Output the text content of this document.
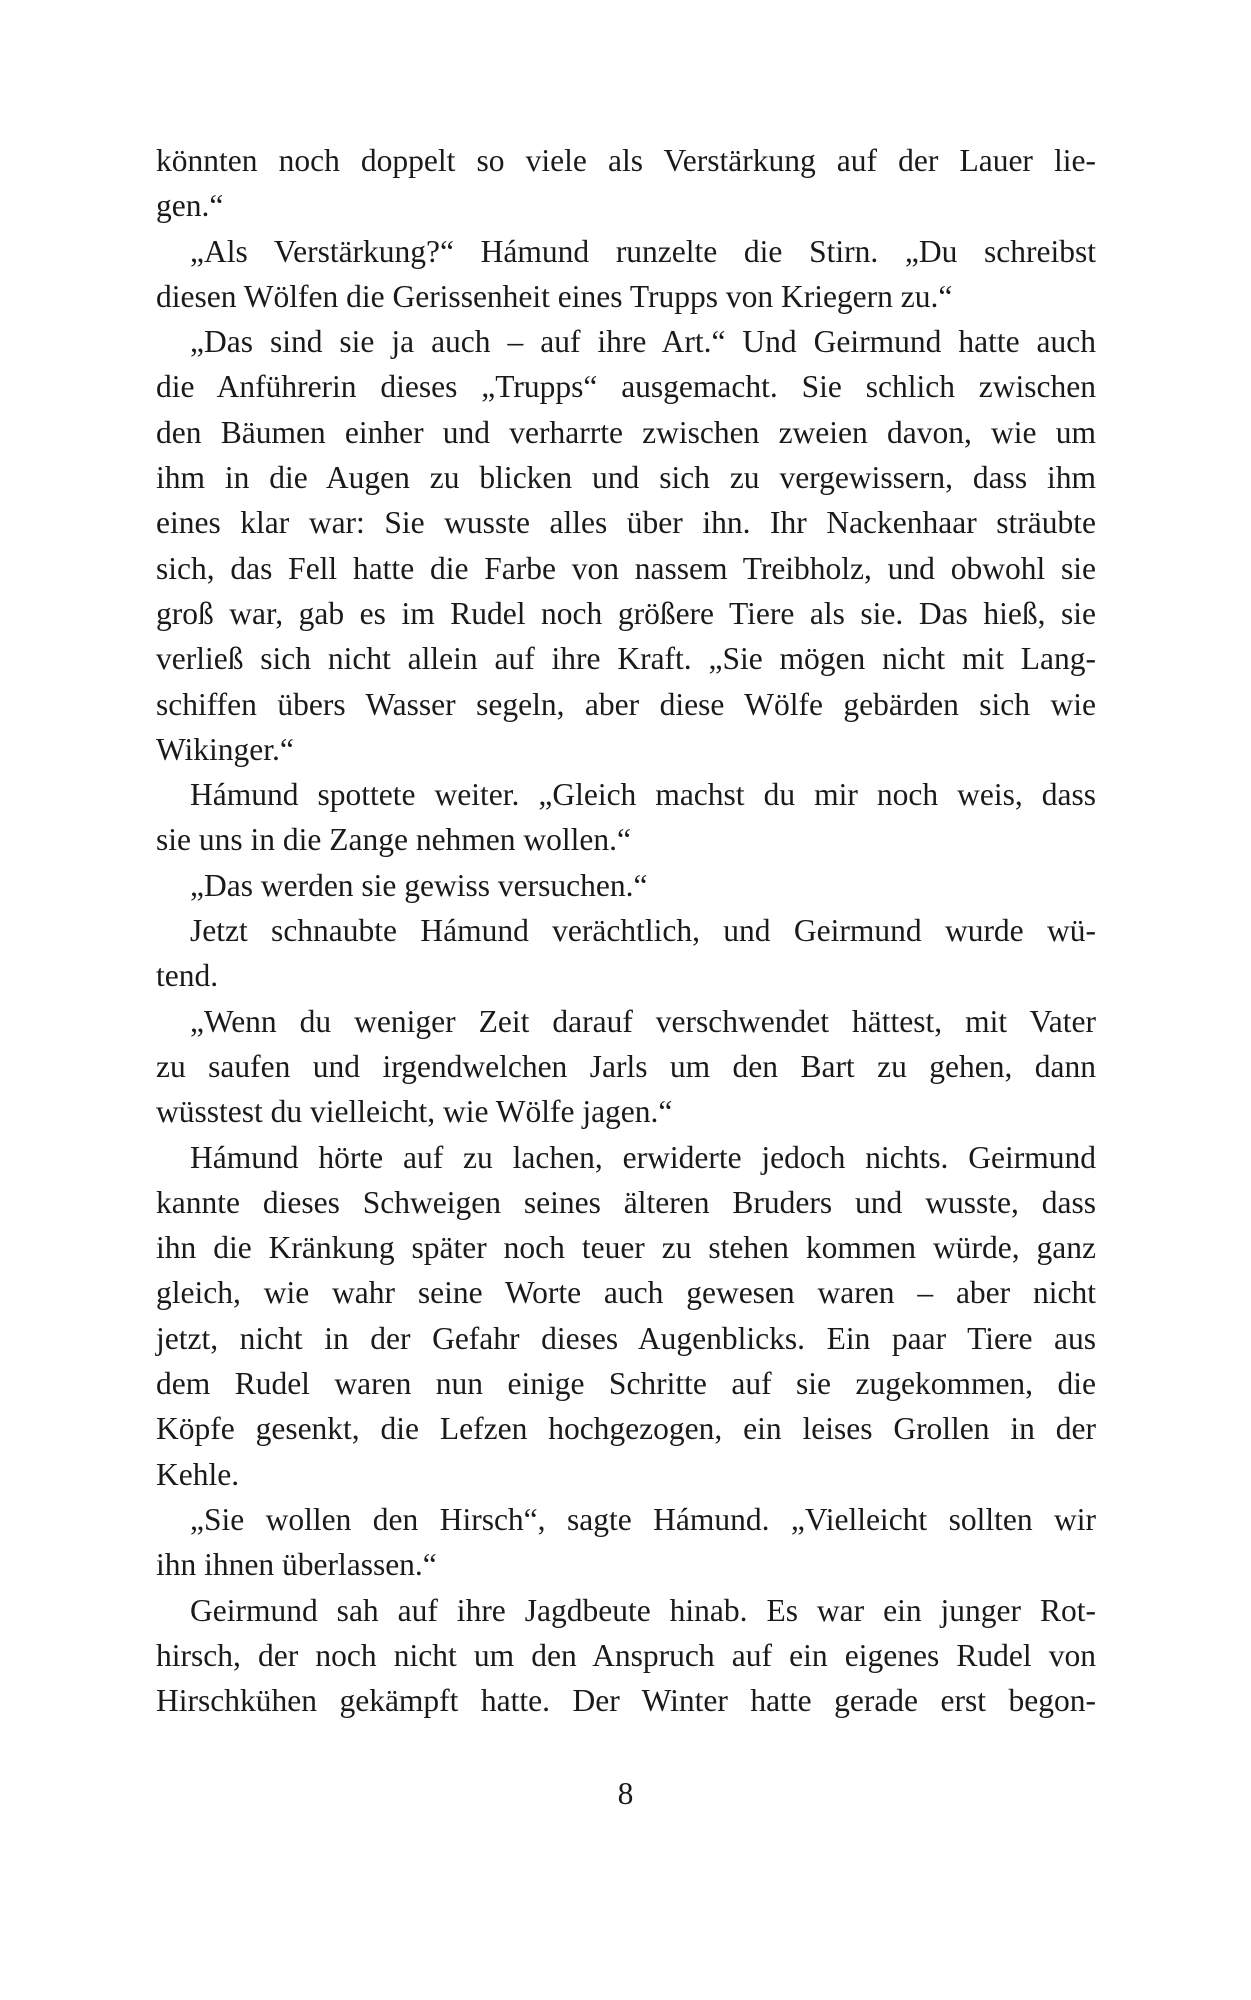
könnten noch doppelt so viele als Verstärkung auf der Lauer lie-
gen.“
„Als Verstärkung?“ Hámund runzelte die Stirn. „Du schreibst
diesen Wölfen die Gerissenheit eines Trupps von Kriegern zu.“
„Das sind sie ja auch – auf ihre Art.“ Und Geirmund hatte auch
die Anführerin dieses „Trupps“ ausgemacht. Sie schlich zwischen
den Bäumen einher und verharrte zwischen zweien davon, wie um
ihm in die Augen zu blicken und sich zu vergewissern, dass ihm
eines klar war: Sie wusste alles über ihn. Ihr Nackenhaar sträubte
sich, das Fell hatte die Farbe von nassem Treibholz, und obwohl sie
groß war, gab es im Rudel noch größere Tiere als sie. Das hieß, sie
verließ sich nicht allein auf ihre Kraft. „Sie mögen nicht mit Lang-
schiffen übers Wasser segeln, aber diese Wölfe gebärden sich wie
Wikinger.“
Hámund spottete weiter. „Gleich machst du mir noch weis, dass
sie uns in die Zange nehmen wollen.“
„Das werden sie gewiss versuchen.“
Jetzt schnaubte Hámund verächtlich, und Geirmund wurde wü-
tend.
„Wenn du weniger Zeit darauf verschwendet hättest, mit Vater
zu saufen und irgendwelchen Jarls um den Bart zu gehen, dann
wüsstest du vielleicht, wie Wölfe jagen.“
Hámund hörte auf zu lachen, erwiderte jedoch nichts. Geirmund
kannte dieses Schweigen seines älteren Bruders und wusste, dass
ihn die Kränkung später noch teuer zu stehen kommen würde, ganz
gleich, wie wahr seine Worte auch gewesen waren – aber nicht
jetzt, nicht in der Gefahr dieses Augenblicks. Ein paar Tiere aus
dem Rudel waren nun einige Schritte auf sie zugekommen, die
Köpfe gesenkt, die Lefzen hochgezogen, ein leises Grollen in der
Kehle.
„Sie wollen den Hirsch“, sagte Hámund. „Vielleicht sollten wir
ihn ihnen überlassen.“
Geirmund sah auf ihre Jagdbeute hinab. Es war ein junger Rot-
hirsch, der noch nicht um den Anspruch auf ein eigenes Rudel von
Hirschkühen gekämpft hatte. Der Winter hatte gerade erst begon-
8
